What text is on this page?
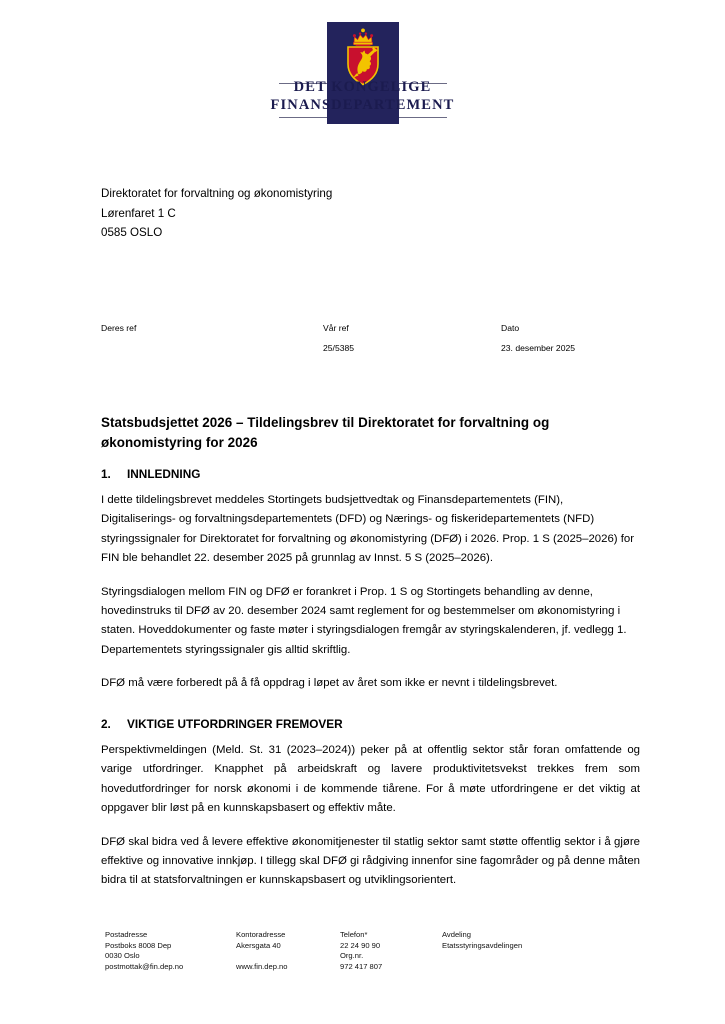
DET KONGELIGE
FINANSDEPARTEMENT
Direktoratet for forvaltning og økonomistyring
Lørenfaret 1 C
0585 OSLO
Deres ref	Vår ref
25/5385
Dato
23. desember 2025
Statsbudsjettet 2026 – Tildelingsbrev til Direktoratet for forvaltning og økonomistyring for 2026
1. INNLEDNING

I dette tildelingsbrevet meddeles Stortingets budsjettvedtak og Finansdepartementets (FIN), Digitaliserings- og forvaltningsdepartementets (DFD) og Nærings- og fiskeridepartementets (NFD) styringssignaler for Direktoratet for forvaltning og økonomistyring (DFØ) i 2026. Prop. 1 S (2025–2026) for FIN ble behandlet 22. desember 2025 på grunnlag av Innst. 5 S (2025–2026).

Styringsdialogen mellom FIN og DFØ er forankret i Prop. 1 S og Stortingets behandling av denne, hovedinstruks til DFØ av 20. desember 2024 samt reglement for og bestemmelser om økonomistyring i staten. Hoveddokumenter og faste møter i styringsdialogen fremgår av styringskalenderen, jf. vedlegg 1. Departementets styringssignaler gis alltid skriftlig.

DFØ må være forberedt på å få oppdrag i løpet av året som ikke er nevnt i tildelingsbrevet.

2. VIKTIGE UTFORDRINGER FREMOVER

Perspektivmeldingen (Meld. St. 31 (2023–2024)) peker på at offentlig sektor står foran omfattende og varige utfordringer. Knapphet på arbeidskraft og lavere produktivitetsvekst trekkes frem som hovedutfordringer for norsk økonomi i de kommende tiårene. For å møte utfordringene er det viktig at oppgaver blir løst på en kunnskapsbasert og effektiv måte.

DFØ skal bidra ved å levere effektive økonomitjenester til statlig sektor samt støtte offentlig sektor i å gjøre effektive og innovative innkjøp. I tillegg skal DFØ gi rådgiving innenfor sine fagområder og på denne måten bidra til at statsforvaltningen er kunnskapsbasert og utviklingsorientert.

Postadresse
Postboks 8008 Dep
0030 Oslo
postmottak@fin.dep.no
Kontoradresse
Akersgata 40
www.fin.dep.no
Telefon*
22 24 90 90
Org.nr.
972 417 807
Avdeling
Etatsstyringsavdelingen
